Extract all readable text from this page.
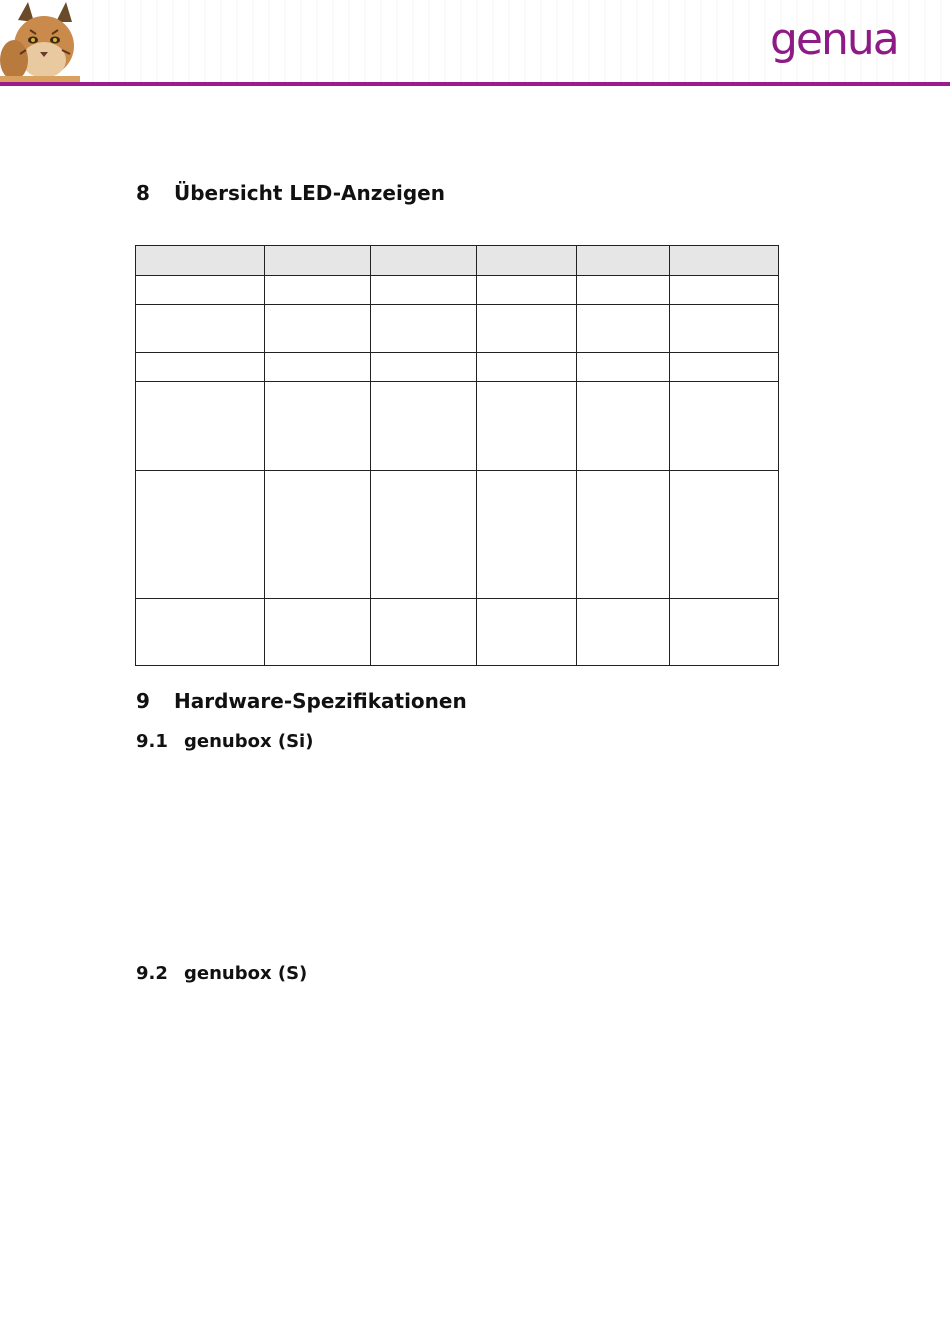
genua
8 Übersicht LED-Anzeigen

9 Hardware-Spezifikationen
9.1 genubox (Si)
9.2 genubox (S)
